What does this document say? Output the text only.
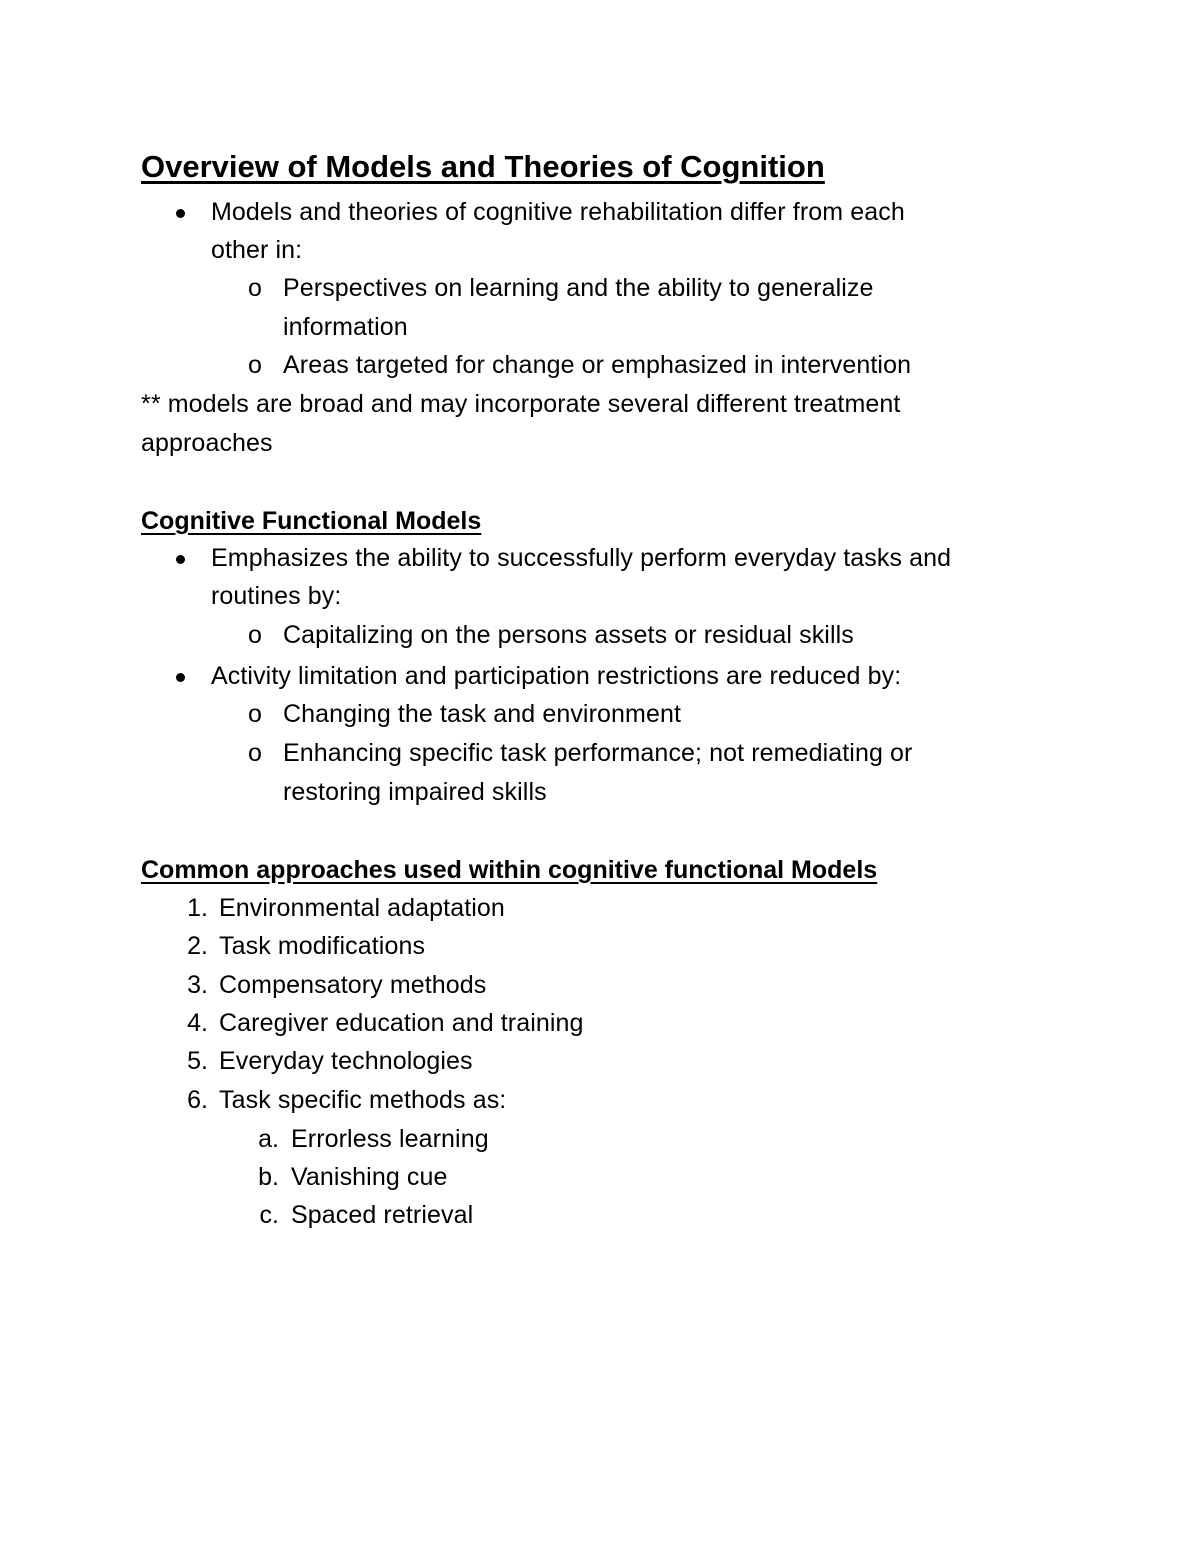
Overview of Models and Theories of Cognition
Models and theories of cognitive rehabilitation differ from each
other in:
o Perspectives on learning and the ability to generalize
information
o Areas targeted for change or emphasized in intervention
** models are broad and may incorporate several different treatment
approaches
Cognitive Functional Models
Emphasizes the ability to successfully perform everyday tasks and
routines by:
o Capitalizing on the persons assets or residual skills
Activity limitation and participation restrictions are reduced by:
o Changing the task and environment
o Enhancing specific task performance; not remediating or
restoring impaired skills
Common approaches used within cognitive functional Models
1. Environmental adaptation
2. Task modifications
3. Compensatory methods
4. Caregiver education and training
5. Everyday technologies
6. Task specific methods as:
a. Errorless learning
b. Vanishing cue
c. Spaced retrieval
